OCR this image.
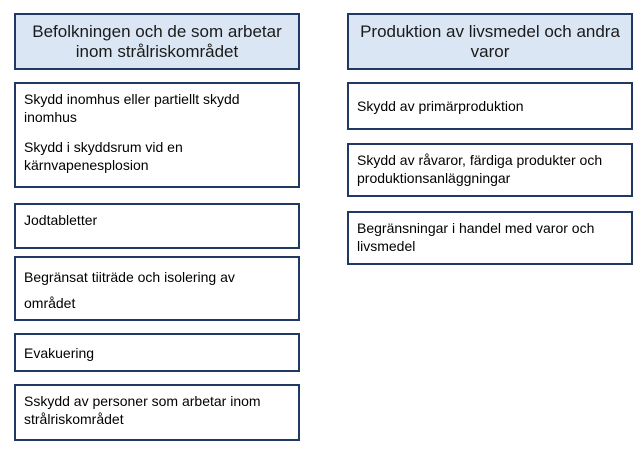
Befolkningen och de som arbetar inom strålriskområdet

Skydd inomhus eller partiellt skydd inomhus

Skydd i skyddsrum vid en kärnvapenesplosion

Jodtabletter

Begränsat tiiträde och isolering av området

Evakuering

Sskydd av personer som arbetar inom strålriskområdet

Produktion av livsmedel och andra varor

Skydd av primärproduktion

Skydd av råvaror, färdiga produkter och produktionsanläggningar

Begränsningar i handel med varor och livsmedel
